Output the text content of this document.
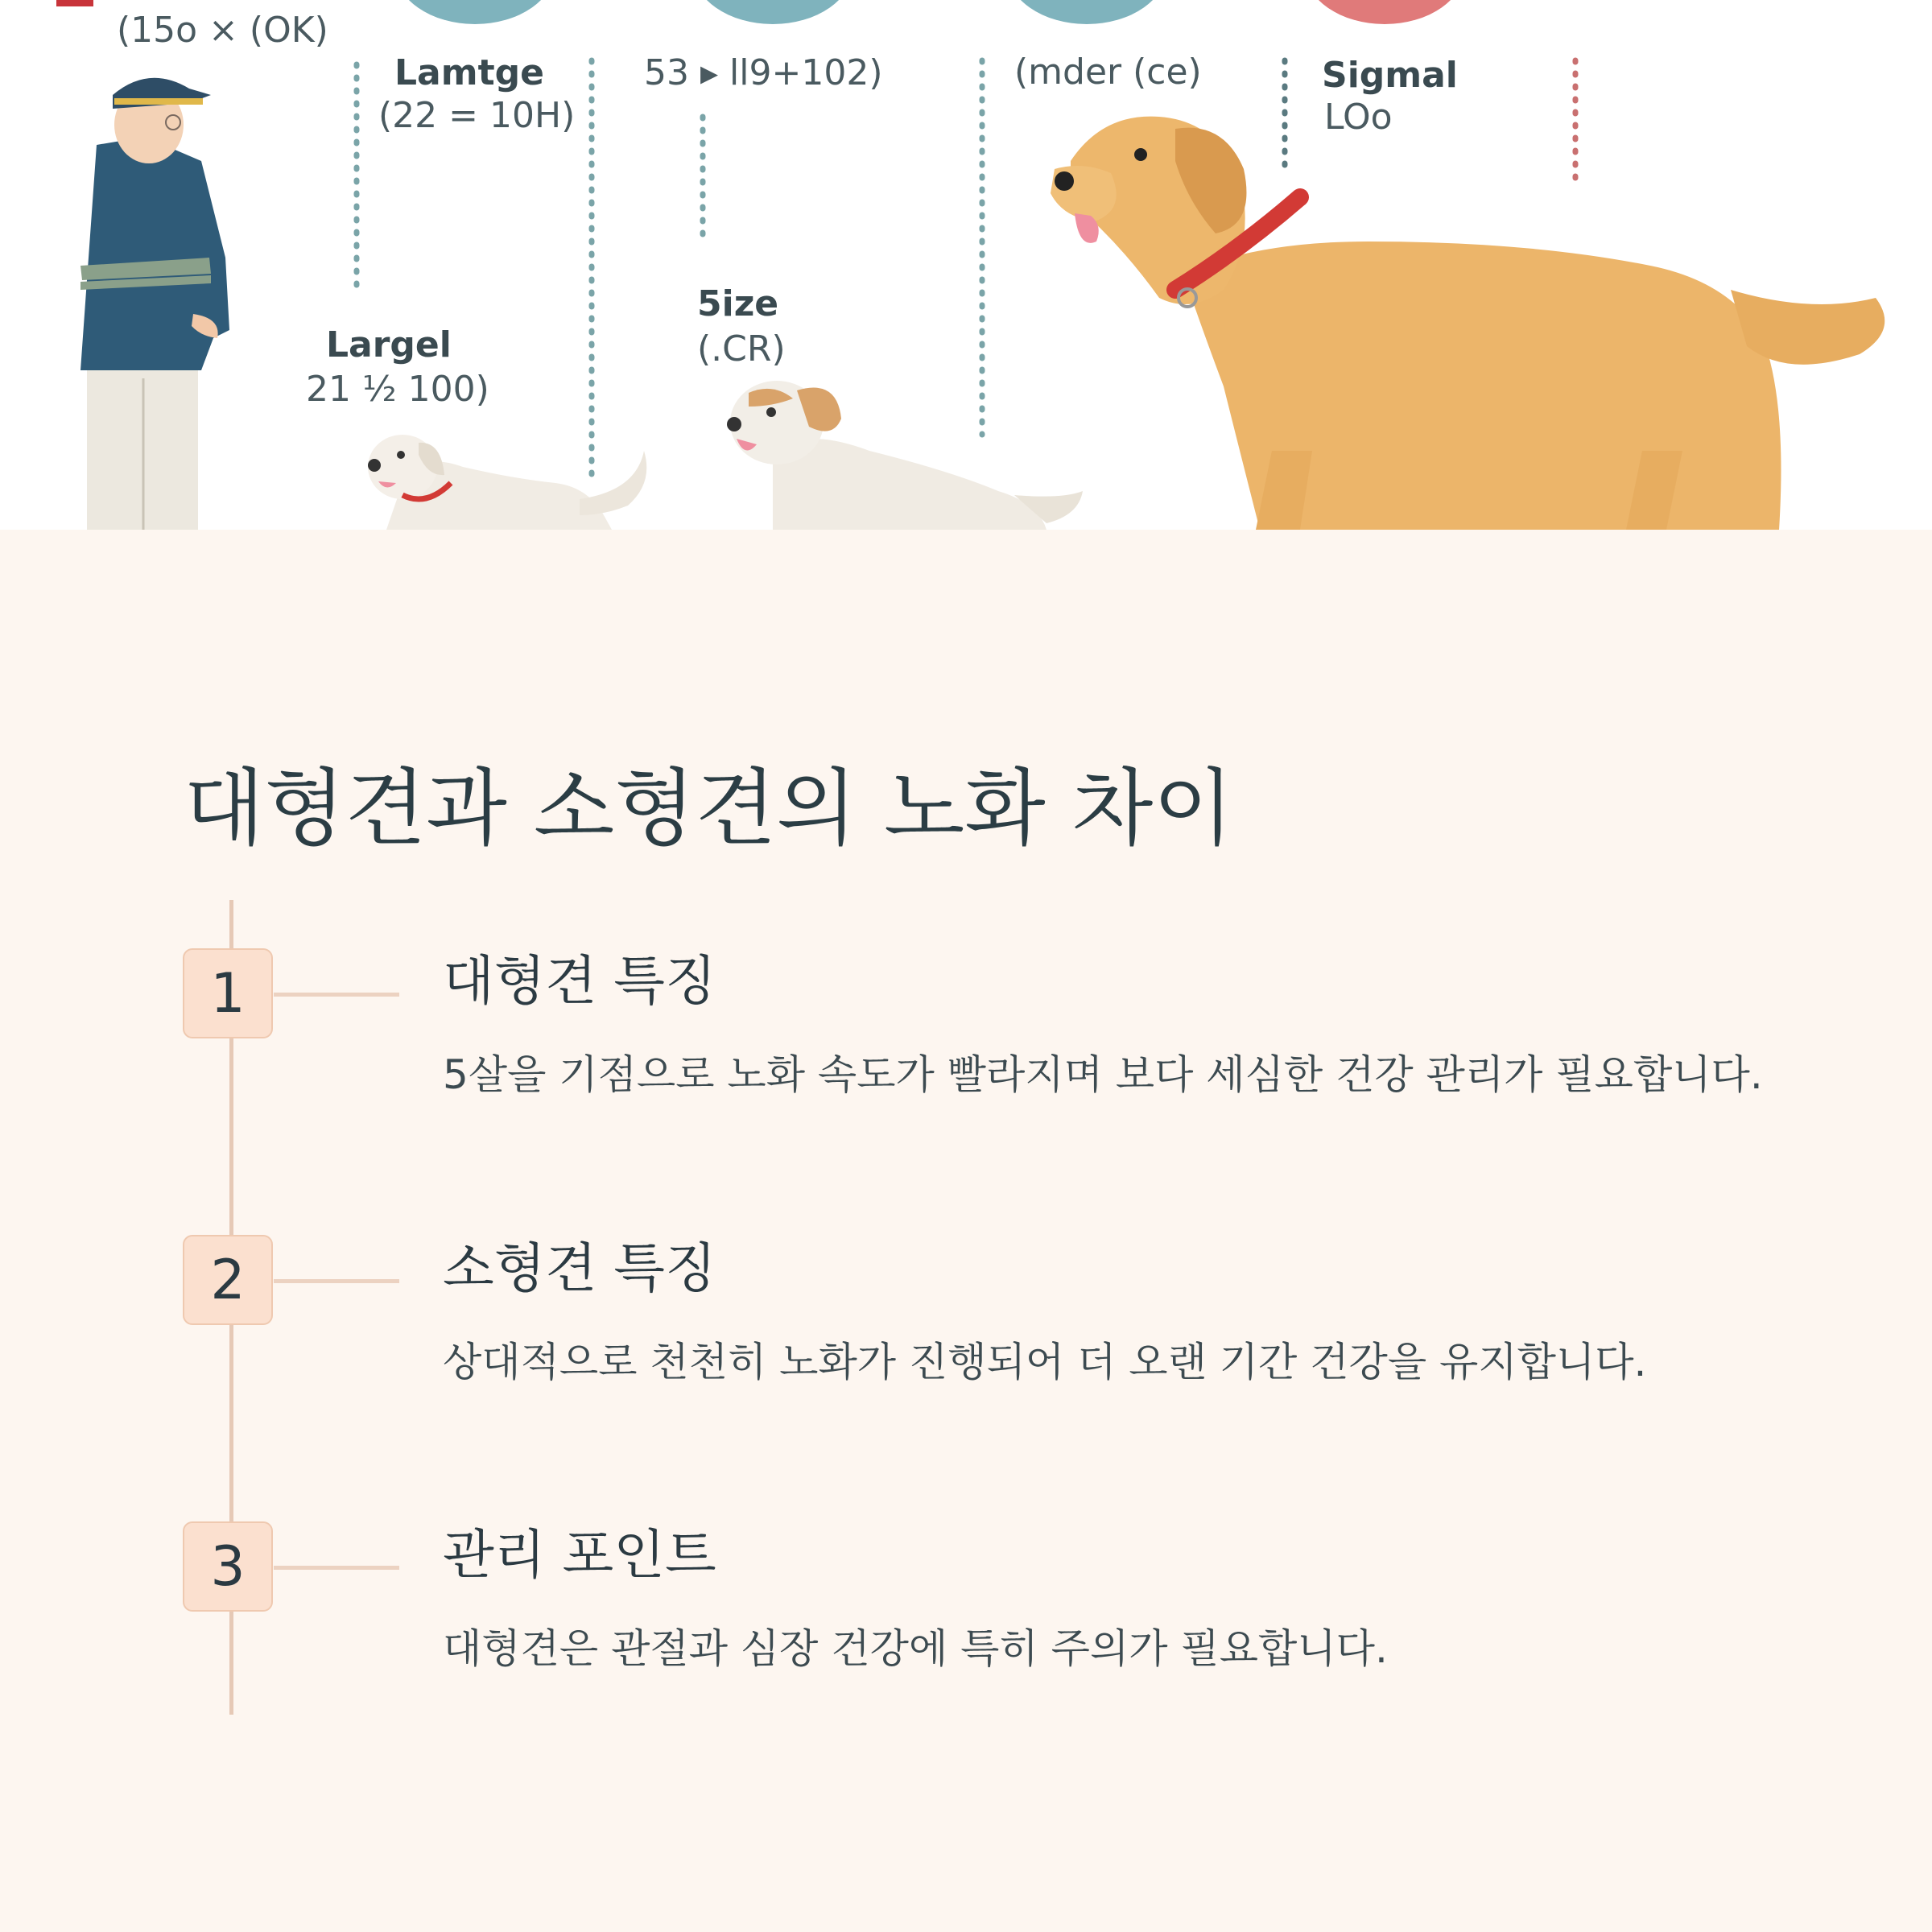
(15o × (OK)
Lamtge
(22 = 10H)
53 ▸ ll9+102)	(mder (ce)	Sigmal
LOo
Largel
21 ½ 100)
5ize
(.CR)
대형견과 소형견의 노화 차이
1	대형견 특징
5살을 기점으로 노화 속도가 빨라지며 보다 세심한 건강 관리가 필요합니다.
2	소형견 특징
상대적으로 천천히 노화가 진행되어 더 오랜 기간 건강을 유지합니다.
3	관리 포인트
대형견은 관절과 심장 건강에 특히 주의가 필요합니다.
